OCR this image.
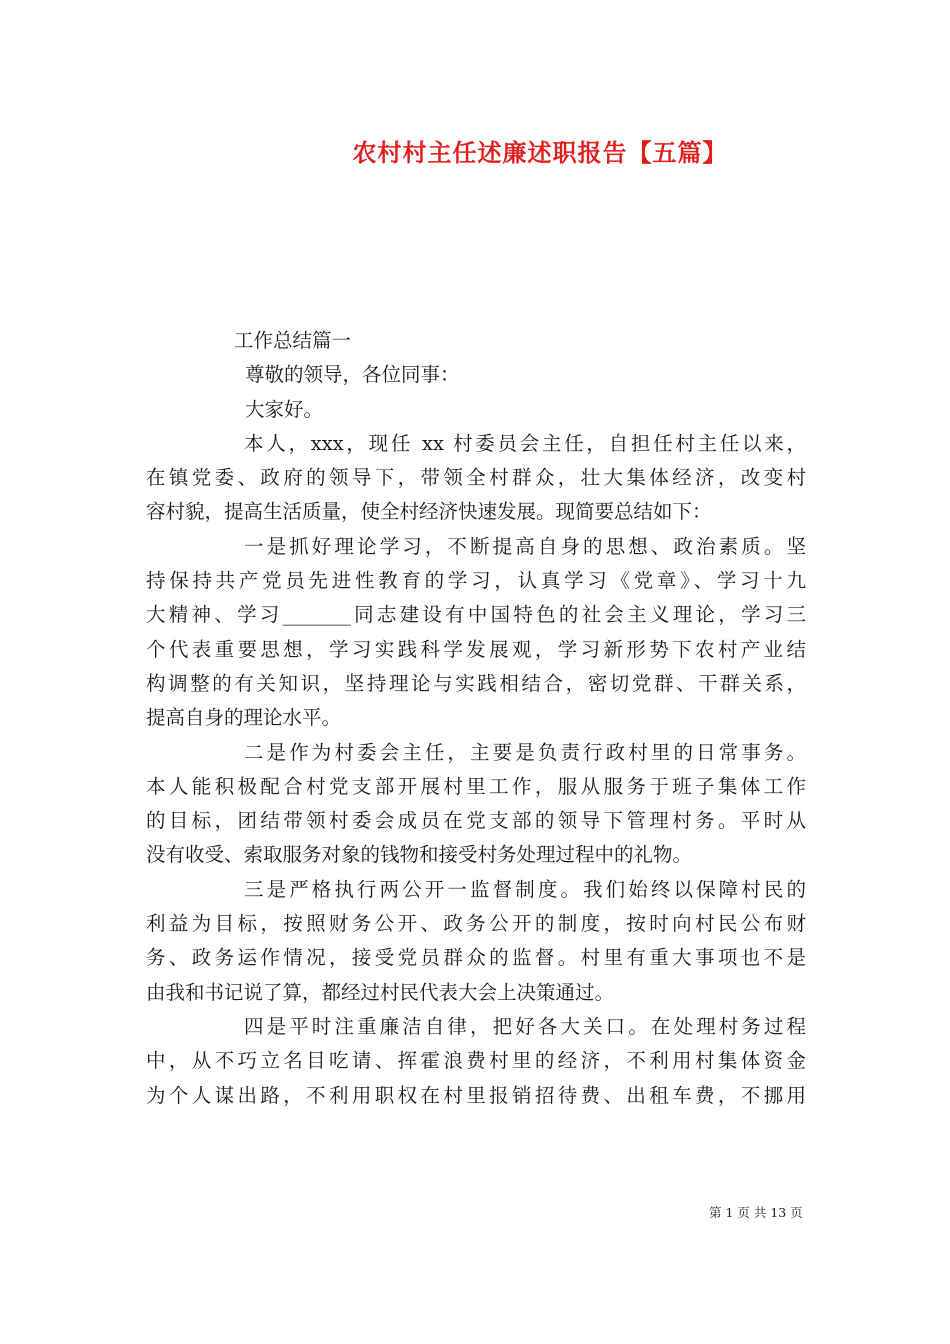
农村村主任述廉述职报告【五篇】
工作总结篇一
尊敬的领导，各位同事：
大家好。
本人，xxx，现任 xx 村委员会主任，自担任村主任以来，
在镇党委、政府的领导下，带领全村群众，壮大集体经济，改变村
容村貌，提高生活质量，使全村经济快速发展。现简要总结如下：
一是抓好理论学习，不断提高自身的思想、政治素质。坚
持保持共产党员先进性教育的学习，认真学习《党章》、学习十九
大精神、学习_______同志建设有中国特色的社会主义理论，学习三
个代表重要思想，学习实践科学发展观，学习新形势下农村产业结
构调整的有关知识，坚持理论与实践相结合，密切党群、干群关系，
提高自身的理论水平。
二是作为村委会主任，主要是负责行政村里的日常事务。
本人能积极配合村党支部开展村里工作，服从服务于班子集体工作
的目标，团结带领村委会成员在党支部的领导下管理村务。平时从
没有收受、索取服务对象的钱物和接受村务处理过程中的礼物。
三是严格执行两公开一监督制度。我们始终以保障村民的
利益为目标，按照财务公开、政务公开的制度，按时向村民公布财
务、政务运作情况，接受党员群众的监督。村里有重大事项也不是
由我和书记说了算，都经过村民代表大会上决策通过。
四是平时注重廉洁自律，把好各大关口。在处理村务过程
中，从不巧立名目吃请、挥霍浪费村里的经济，不利用村集体资金
为个人谋出路，不利用职权在村里报销招待费、出租车费，不挪用
第 1 页 共 13 页
